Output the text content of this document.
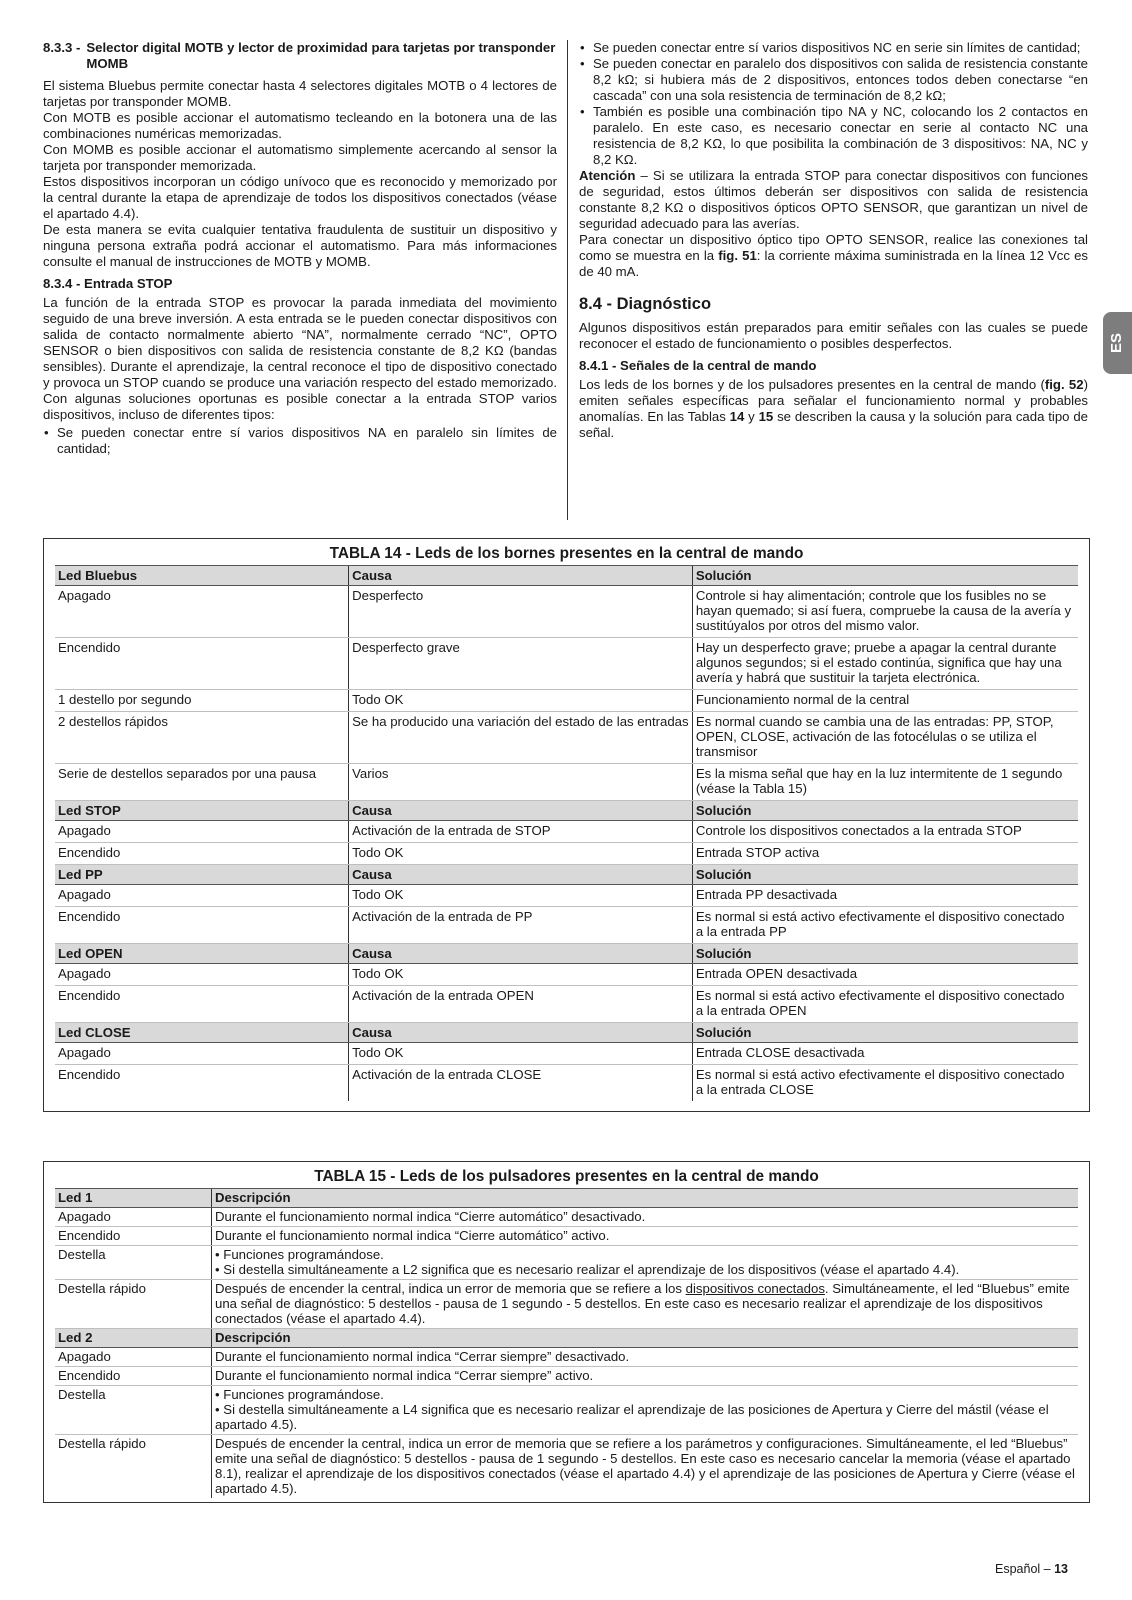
8.3.3 - Selector digital MOTB y lector de proximidad para tarjetas por transponder MOMB

El sistema Bluebus permite conectar hasta 4 selectores digitales MOTB o 4 lectores de tarjetas por transponder MOMB.

Con MOTB es posible accionar el automatismo tecleando en la botonera una de las combinaciones numéricas memorizadas.

Con MOMB es posible accionar el automatismo simplemente acercando al sensor la tarjeta por transponder memorizada.

Estos dispositivos incorporan un código unívoco que es reconocido y memorizado por la central durante la etapa de aprendizaje de todos los dispositivos conectados (véase el apartado 4.4).

De esta manera se evita cualquier tentativa fraudulenta de sustituir un dispositivo y ninguna persona extraña podrá accionar el automatismo. Para más informaciones consulte el manual de instrucciones de MOTB y MOMB.

8.3.4 - Entrada STOP

La función de la entrada STOP es provocar la parada inmediata del movimiento seguido de una breve inversión. A esta entrada se le pueden conectar dispositivos con salida de contacto normalmente abierto “NA”, normalmente cerrado “NC”, OPTO SENSOR o bien dispositivos con salida de resistencia constante de 8,2 KΩ (bandas sensibles). Durante el aprendizaje, la central reconoce el tipo de dispositivo conectado y provoca un STOP cuando se produce una variación respecto del estado memorizado. Con algunas soluciones oportunas es posible conectar a la entrada STOP varios dispositivos, incluso de diferentes tipos:

• Se pueden conectar entre sí varios dispositivos NA en paralelo sin límites de cantidad;
• Se pueden conectar entre sí varios dispositivos NC en serie sin límites de cantidad;
• Se pueden conectar en paralelo dos dispositivos con salida de resistencia constante 8,2 kΩ; si hubiera más de 2 dispositivos, entonces todos deben conectarse “en cascada” con una sola resistencia de terminación de 8,2 kΩ;
• También es posible una combinación tipo NA y NC, colocando los 2 contactos en paralelo. En este caso, es necesario conectar en serie al contacto NC una resistencia de 8,2 KΩ, lo que posibilita la combinación de 3 dispositivos: NA, NC y 8,2 KΩ.

Atención – Si se utilizara la entrada STOP para conectar dispositivos con funciones de seguridad, estos últimos deberán ser dispositivos con salida de resistencia constante 8,2 KΩ o dispositivos ópticos OPTO SENSOR, que garantizan un nivel de seguridad adecuado para las averías.

Para conectar un dispositivo óptico tipo OPTO SENSOR, realice las conexiones tal como se muestra en la fig. 51: la corriente máxima suministrada en la línea 12 Vcc es de 40 mA.

8.4 - Diagnóstico

Algunos dispositivos están preparados para emitir señales con las cuales se puede reconocer el estado de funcionamiento o posibles desperfectos.

8.4.1 - Señales de la central de mando

Los leds de los bornes y de los pulsadores presentes en la central de mando (fig. 52) emiten señales específicas para señalar el funcionamiento normal y probables anomalías. En las Tablas 14 y 15 se describen la causa y la solución para cada tipo de señal.

ES
TABLA 14 - Leds de los bornes presentes en la central de mando
Led Bluebus	Causa	Solución
Apagado	Desperfecto	Controle si hay alimentación; controle que los fusibles no se hayan quemado; si así fuera, compruebe la causa de la avería y sustitúyalos por otros del mismo valor.
Encendido	Desperfecto grave	Hay un desperfecto grave; pruebe a apagar la central durante algunos segundos; si el estado continúa, significa que hay una avería y habrá que sustituir la tarjeta electrónica.
1 destello por segundo	Todo OK	Funcionamiento normal de la central
2 destellos rápidos	Se ha producido una variación del estado de las entradas	Es normal cuando se cambia una de las entradas: PP, STOP, OPEN, CLOSE, activación de las fotocélulas o se utiliza el transmisor
Serie de destellos separados por una pausa	Varios	Es la misma señal que hay en la luz intermitente de 1 segundo (véase la Tabla 15)
Led STOP	Causa	Solución
Apagado	Activación de la entrada de STOP	Controle los dispositivos conectados a la entrada STOP
Encendido	Todo OK	Entrada STOP activa
Led PP	Causa	Solución
Apagado	Todo OK	Entrada PP desactivada
Encendido	Activación de la entrada de PP	Es normal si está activo efectivamente el dispositivo conectado a la entrada PP
Led OPEN	Causa	Solución
Apagado	Todo OK	Entrada OPEN desactivada
Encendido	Activación de la entrada OPEN	Es normal si está activo efectivamente el dispositivo conectado a la entrada OPEN
Led CLOSE	Causa	Solución
Apagado	Todo OK	Entrada CLOSE desactivada
Encendido	Activación de la entrada CLOSE	Es normal si está activo efectivamente el dispositivo conectado a la entrada CLOSE
TABLA 15 - Leds de los pulsadores presentes en la central de mando
Led 1	Descripción
Apagado	Durante el funcionamiento normal indica “Cierre automático” desactivado.
Encendido	Durante el funcionamiento normal indica “Cierre automático” activo.
Destella	• Funciones programándose.
• Si destella simultáneamente a L2 significa que es necesario realizar el aprendizaje de los dispositivos (véase el apartado 4.4).
Destella rápido	Después de encender la central, indica un error de memoria que se refiere a los dispositivos conectados. Simultáneamente, el led “Bluebus” emite una señal de diagnóstico: 5 destellos - pausa de 1 segundo - 5 destellos. En este caso es necesario realizar el aprendizaje de los dispositivos conectados (véase el apartado 4.4).
Led 2	Descripción
Apagado	Durante el funcionamiento normal indica “Cerrar siempre” desactivado.
Encendido	Durante el funcionamiento normal indica “Cerrar siempre” activo.
Destella	• Funciones programándose.
• Si destella simultáneamente a L4 significa que es necesario realizar el aprendizaje de las posiciones de Apertura y Cierre del mástil (véase el apartado 4.5).
Destella rápido	Después de encender la central, indica un error de memoria que se refiere a los parámetros y configuraciones. Simultáneamente, el led “Bluebus” emite una señal de diagnóstico: 5 destellos - pausa de 1 segundo - 5 destellos. En este caso es necesario cancelar la memoria (véase el apartado 8.1), realizar el aprendizaje de los dispositivos conectados (véase el apartado 4.4) y el aprendizaje de las posiciones de Apertura y Cierre (véase el apartado 4.5).
Español – 13
